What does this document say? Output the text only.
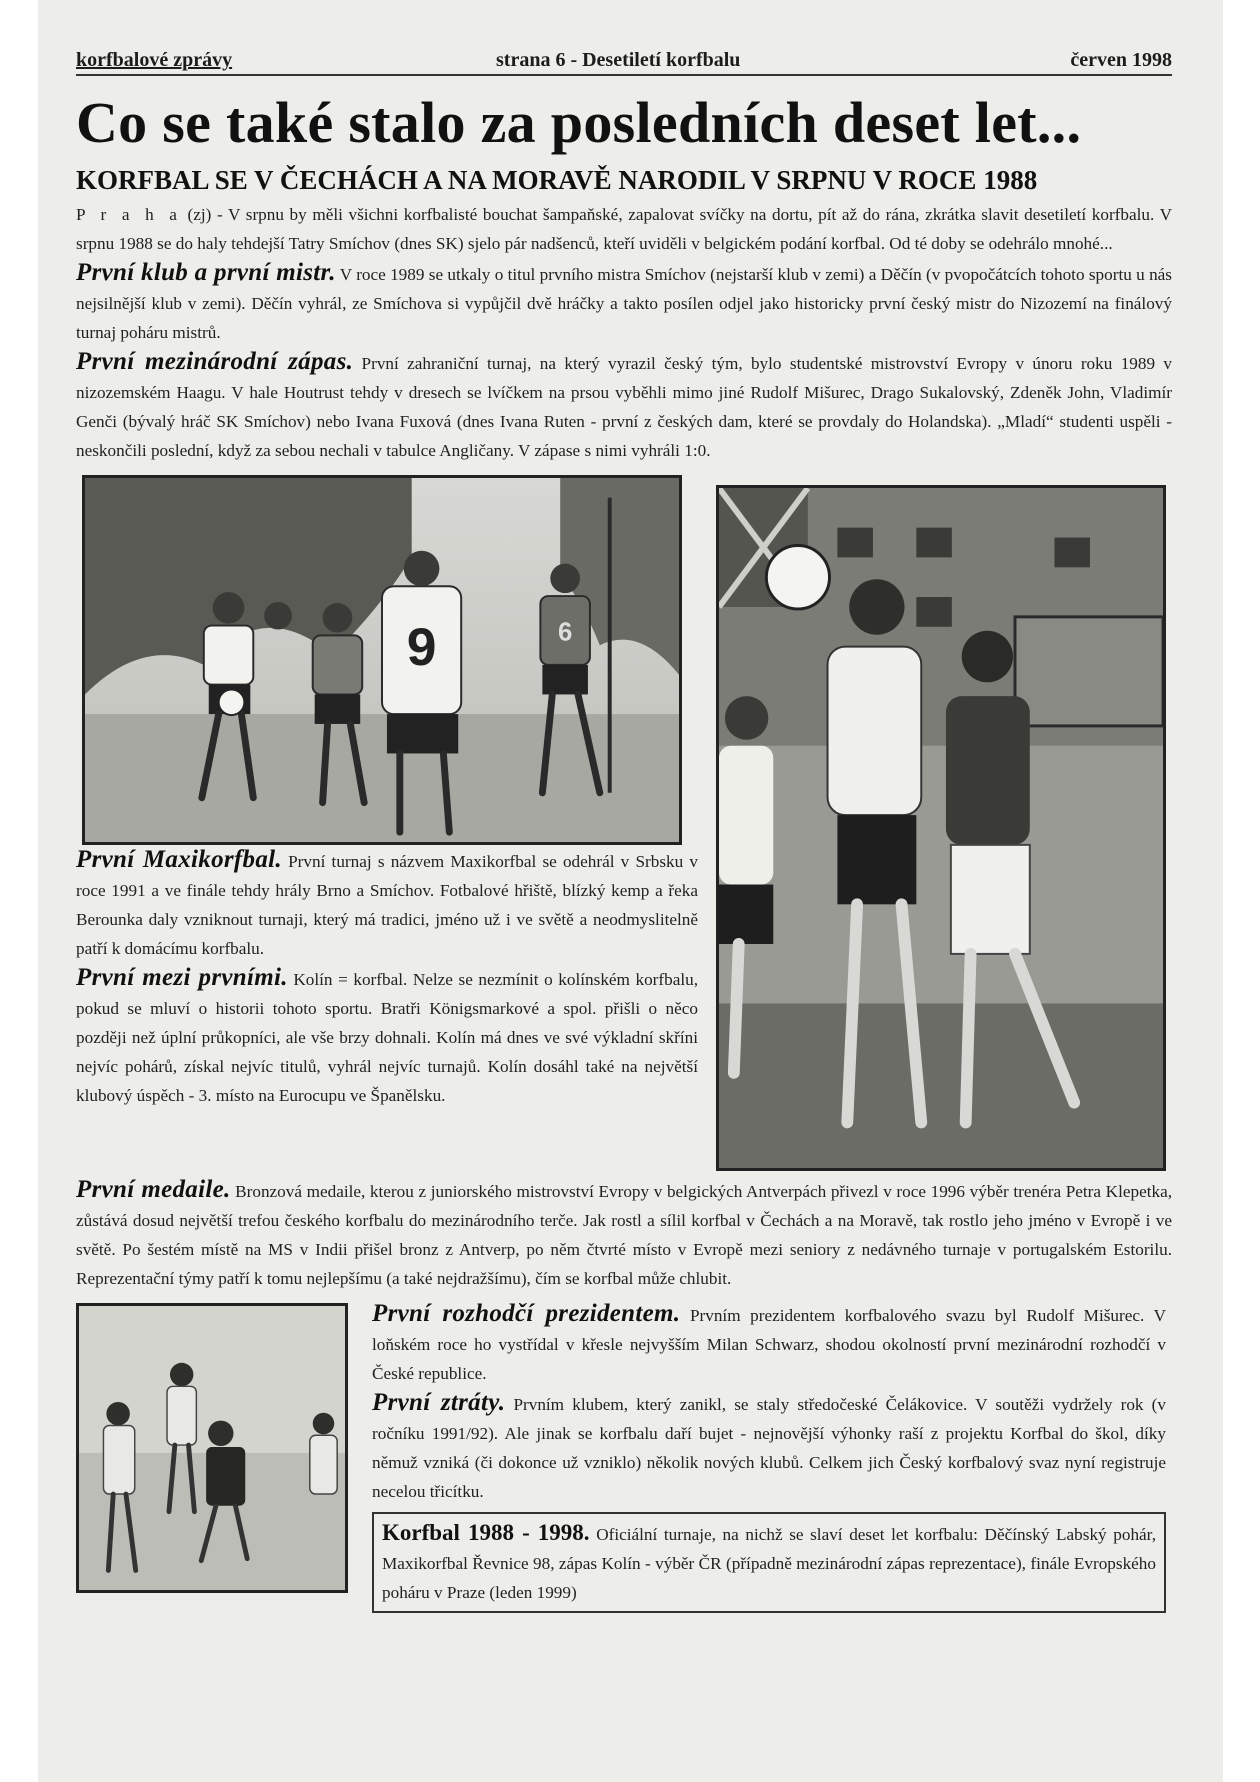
korfbalové zprávy	strana 6 - Desetiletí korfbalu	červen 1998
Co se také stalo za posledních deset let...
KORFBAL SE V ČECHÁCH A NA MORAVĚ NARODIL V SRPNU V ROCE 1988

P r a h a (zj) - V srpnu by měli všichni korfbalisté bouchat šampaňské, zapalovat svíčky na dortu, pít až do rána, zkrátka slavit desetiletí korfbalu. V srpnu 1988 se do haly tehdejší Tatry Smíchov (dnes SK) sjelo pár nadšenců, kteří uviděli v belgickém podání korfbal. Od té doby se odehrálo mnohé...

První klub a první mistr. V roce 1989 se utkaly o titul prvního mistra Smíchov (nejstarší klub v zemi) a Děčín (v pvopočátcích tohoto sportu u nás nejsilnější klub v zemi). Děčín vyhrál, ze Smíchova si vypůjčil dvě hráčky a takto posílen odjel jako historicky první český mistr do Nizozemí na finálový turnaj poháru mistrů.

První mezinárodní zápas. První zahraniční turnaj, na který vyrazil český tým, bylo studentské mistrovství Evropy v únoru roku 1989 v nizozemském Haagu. V hale Houtrust tehdy v dresech se lvíčkem na prsou vyběhli mimo jiné Rudolf Mišurec, Drago Sukalovský, Zdeněk John, Vladimír Genči (bývalý hráč SK Smíchov) nebo Ivana Fuxová (dnes Ivana Ruten - první z českých dam, které se provdaly do Holandska). „Mladí“ studenti uspěli - neskončili poslední, když za sebou nechali v tabulce Angličany. V zápase s nimi vyhráli 1:0.

9	6

První Maxikorfbal. První turnaj s názvem Maxikorfbal se odehrál v Srbsku v roce 1991 a ve finále tehdy hrály Brno a Smíchov. Fotbalové hřiště, blízký kemp a řeka Berounka daly vzniknout turnaji, který má tradici, jméno už i ve světě a neodmyslitelně patří k domácímu korfbalu.

První mezi prvními. Kolín = korfbal. Nelze se nezmínit o kolínském korfbalu, pokud se mluví o historii tohoto sportu. Bratři Königsmarkové a spol. přišli o něco později než úplní průkopníci, ale vše brzy dohnali. Kolín má dnes ve své výkladní skříni nejvíc pohárů, získal nejvíc titulů, vyhrál nejvíc turnajů. Kolín dosáhl také na největší klubový úspěch - 3. místo na Eurocupu ve Španělsku.

První medaile. Bronzová medaile, kterou z juniorského mistrovství Evropy v belgických Antverpách přivezl v roce 1996 výběr trenéra Petra Klepetka, zůstává dosud největší trefou českého korfbalu do mezinárodního terče. Jak rostl a sílil korfbal v Čechách a na Moravě, tak rostlo jeho jméno v Evropě i ve světě. Po šestém místě na MS v Indii přišel bronz z Antverp, po něm čtvrté místo v Evropě mezi seniory z nedávného turnaje v portugalském Estorilu. Reprezentační týmy patří k tomu nejlepšímu (a také nejdražšímu), čím se korfbal může chlubit.

První rozhodčí prezidentem. Prvním prezidentem korfbalového svazu byl Rudolf Mišurec. V loňském roce ho vystřídal v křesle nejvyšším Milan Schwarz, shodou okolností první mezinárodní rozhodčí v České republice.

První ztráty. Prvním klubem, který zanikl, se staly středočeské Čelákovice. V soutěži vydržely rok (v ročníku 1991/92). Ale jinak se korfbalu daří bujet - nejnovější výhonky raší z projektu Korfbal do škol, díky němuž vzniká (či dokonce už vzniklo) několik nových klubů. Celkem jich Český korfbalový svaz nyní registruje necelou třicítku.

Korfbal 1988 - 1998. Oficiální turnaje, na nichž se slaví deset let korfbalu: Děčínský Labský pohár, Maxikorfbal Řevnice 98, zápas Kolín - výběr ČR (případně mezinárodní zápas reprezentace), finále Evropského poháru v Praze (leden 1999)
